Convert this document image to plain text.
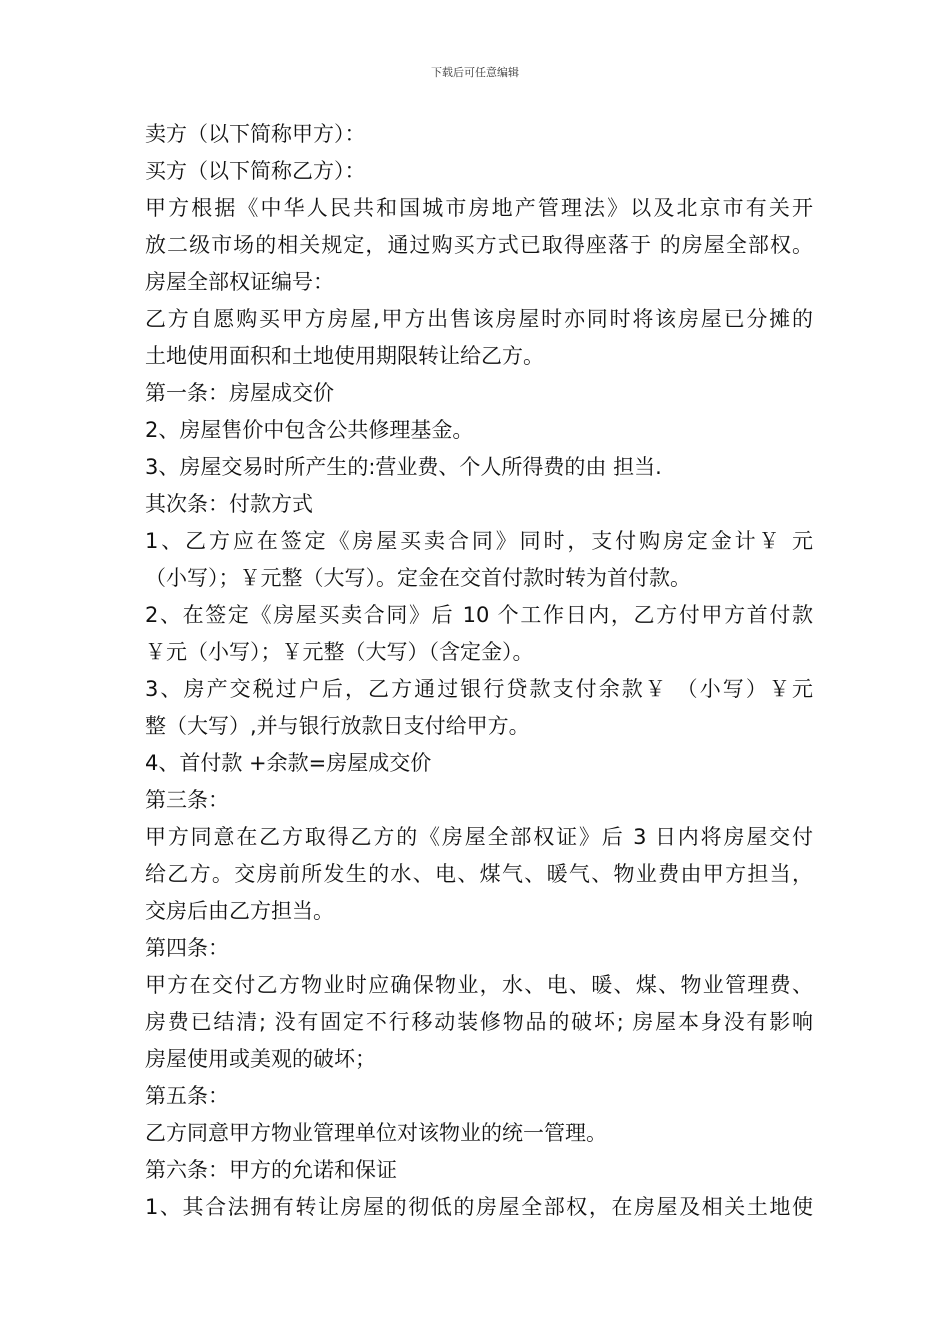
下载后可任意编辑
卖方（以下简称甲方）：
买方（以下简称乙方）：
甲方根据《中华人民共和国城市房地产管理法》以及北京市有关开
放二级市场的相关规定，通过购买方式已取得座落于 的房屋全部权。
房屋全部权证编号：
乙方自愿购买甲方房屋,甲方出售该房屋时亦同时将该房屋已分摊的
土地使用面积和土地使用期限转让给乙方。
第一条：房屋成交价
2、房屋售价中包含公共修理基金。
3、房屋交易时所产生的:营业费、个人所得费的由 担当.
其次条：付款方式
1、乙方应在签定《房屋买卖合同》同时，支付购房定金计￥ 元
（小写）；￥元整（大写）。定金在交首付款时转为首付款。
2、在签定《房屋买卖合同》后 10 个工作日内，乙方付甲方首付款
￥元（小写）；￥元整（大写）（含定金）。
3、房产交税过户后，乙方通过银行贷款支付余款￥ （小写）￥元
整（大写）,并与银行放款日支付给甲方。
4、首付款 +余款=房屋成交价
第三条：
甲方同意在乙方取得乙方的《房屋全部权证》后 3 日内将房屋交付
给乙方。交房前所发生的水、电、煤气、暖气、物业费由甲方担当，
交房后由乙方担当。
第四条：
甲方在交付乙方物业时应确保物业，水、电、暖、煤、物业管理费、
房费已结清; 没有固定不行移动装修物品的破坏; 房屋本身没有影响
房屋使用或美观的破坏；
第五条：
乙方同意甲方物业管理单位对该物业的统一管理。
第六条：甲方的允诺和保证
1、其合法拥有转让房屋的彻低的房屋全部权，在房屋及相关土地使
